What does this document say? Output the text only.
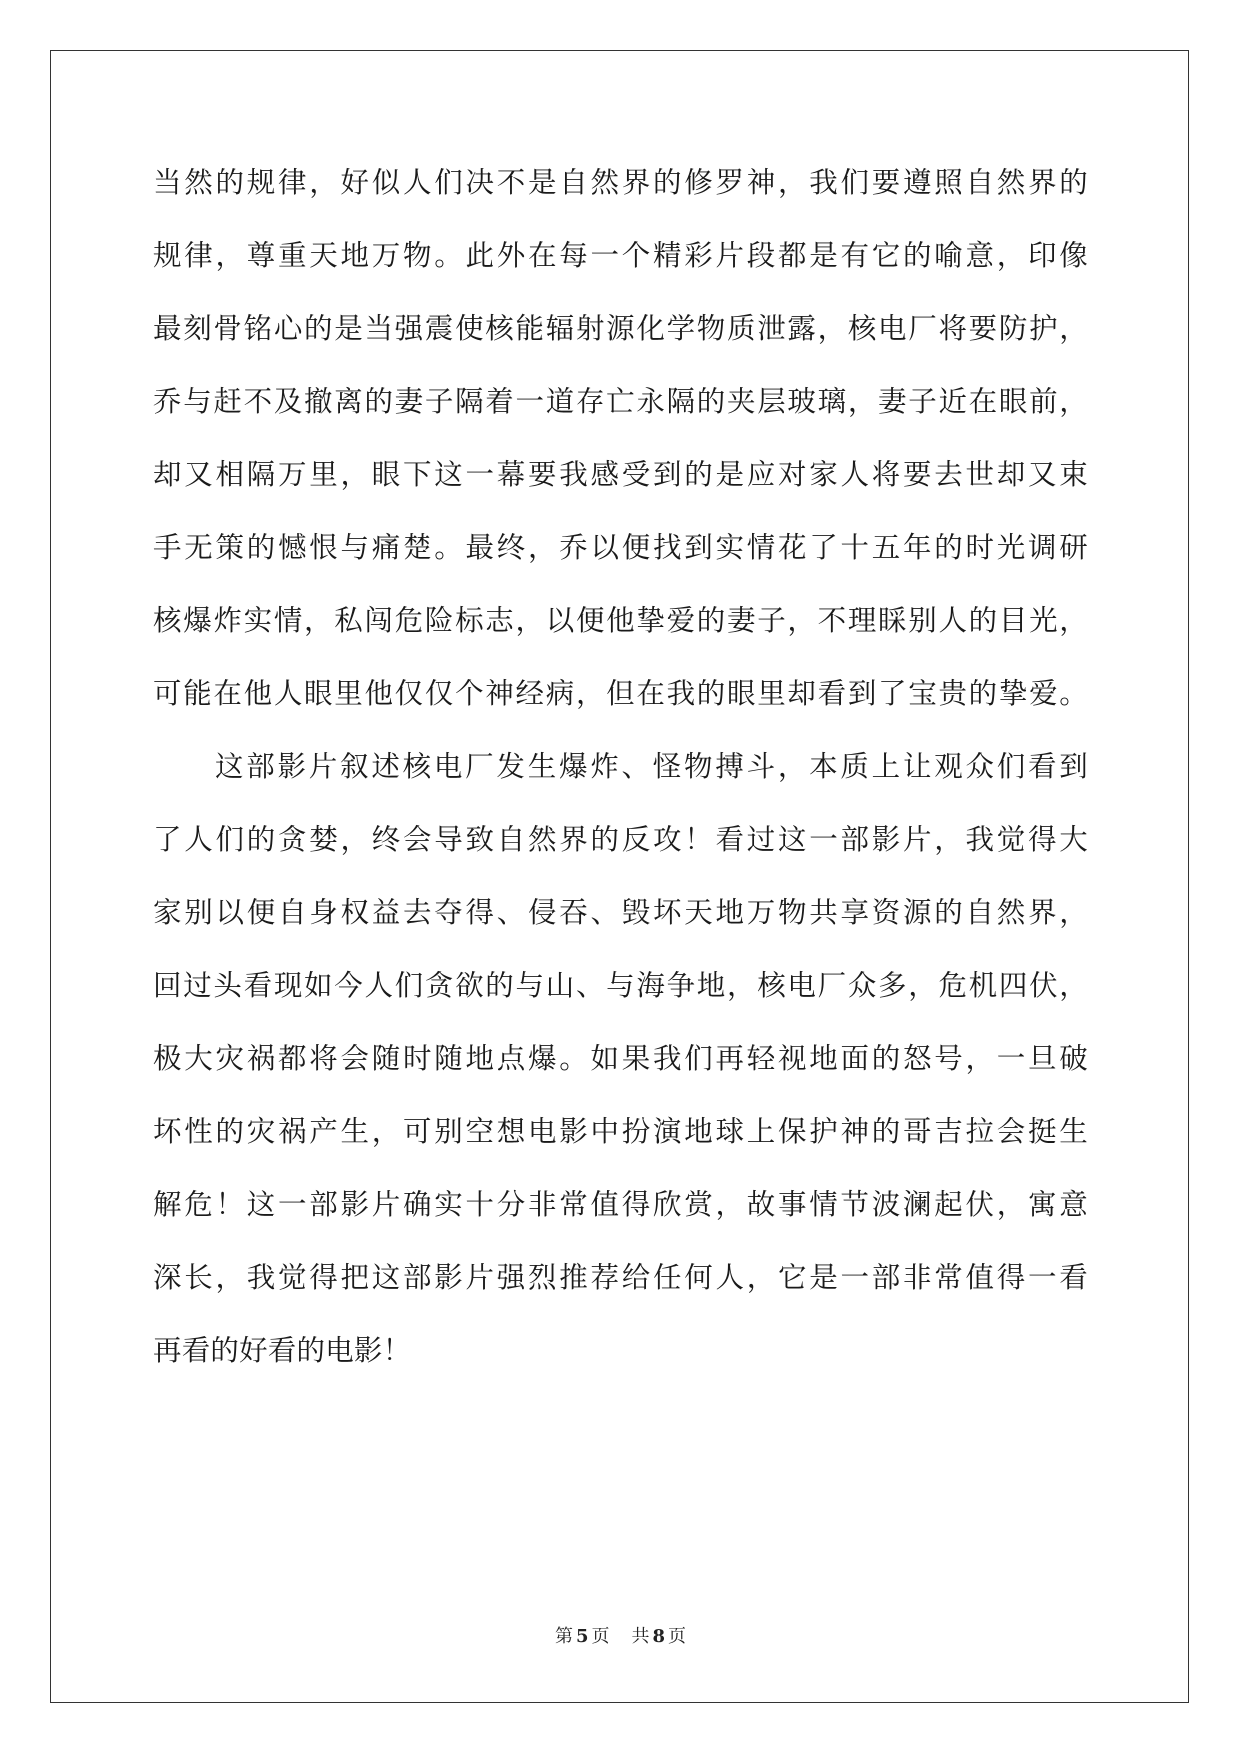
当然的规律，好似人们决不是自然界的修罗神，我们要遵照自然界的
规律，尊重天地万物。此外在每一个精彩片段都是有它的喻意，印像
最刻骨铭心的是当强震使核能辐射源化学物质泄露，核电厂将要防护，
乔与赶不及撤离的妻子隔着一道存亡永隔的夹层玻璃，妻子近在眼前，
却又相隔万里，眼下这一幕要我感受到的是应对家人将要去世却又束
手无策的憾恨与痛楚。最终，乔以便找到实情花了十五年的时光调研
核爆炸实情，私闯危险标志，以便他挚爱的妻子，不理睬别人的目光，
可能在他人眼里他仅仅个神经病，但在我的眼里却看到了宝贵的挚爱。
这部影片叙述核电厂发生爆炸、怪物搏斗，本质上让观众们看到
了人们的贪婪，终会导致自然界的反攻！看过这一部影片，我觉得大
家别以便自身权益去夺得、侵吞、毁坏天地万物共享资源的自然界，
回过头看现如今人们贪欲的与山、与海争地，核电厂众多，危机四伏，
极大灾祸都将会随时随地点爆。如果我们再轻视地面的怒号，一旦破
坏性的灾祸产生，可别空想电影中扮演地球上保护神的哥吉拉会挺生
解危！这一部影片确实十分非常值得欣赏，故事情节波澜起伏，寓意
深长，我觉得把这部影片强烈推荐给任何人，它是一部非常值得一看
再看的好看的电影！
第 5 页 共 8 页
